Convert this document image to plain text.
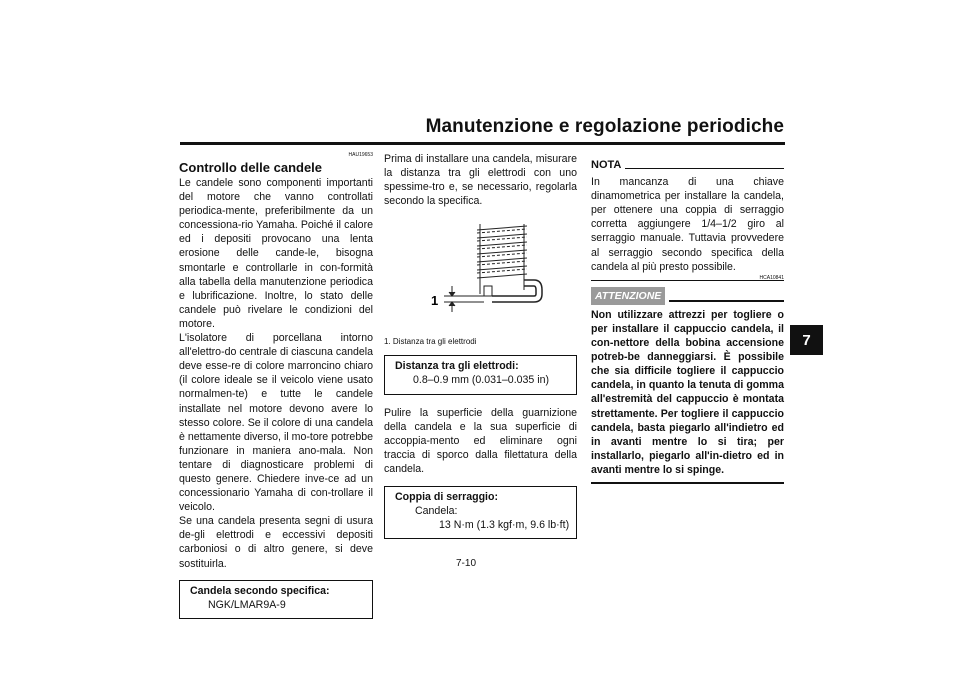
Manutenzione e regolazione periodiche
7
HAU19653
Controllo delle candele

Le candele sono componenti importanti del motore che vanno controllati periodica-mente, preferibilmente da un concessiona-rio Yamaha. Poiché il calore ed i depositi provocano una lenta erosione delle cande-le, bisogna smontarle e controllarle in con-formità alla tabella della manutenzione periodica e lubrificazione. Inoltre, lo stato delle candele può rivelare le condizioni del motore.

L'isolatore di porcellana intorno all'elettro-do centrale di ciascuna candela deve esse-re di colore marroncino chiaro (il colore ideale se il veicolo viene usato normalmen-te) e tutte le candele installate nel motore devono avere lo stesso colore. Se il colore di una candela è nettamente diverso, il mo-tore potrebbe funzionare in maniera ano-mala. Non tentare di diagnosticare problemi di questo genere. Chiedere inve-ce ad un concessionario Yamaha di con-trollare il veicolo.

Se una candela presenta segni di usura de-gli elettrodi e eccessivi depositi carboniosi o di altro genere, si deve sostituirla.

Candela secondo specifica:
NGK/LMAR9A-9

Prima di installare una candela, misurare la distanza tra gli elettrodi con uno spessime-tro e, se necessario, regolarla secondo la specifica.

1
1. Distanza tra gli elettrodi
Distanza tra gli elettrodi:
0.8–0.9 mm (0.031–0.035 in)

Pulire la superficie della guarnizione della candela e la sua superficie di accoppia-mento ed eliminare ogni traccia di sporco dalla filettatura della candela.

Coppia di serraggio:
Candela:
13 N·m (1.3 kgf·m, 9.6 lb·ft)
NOTA

In mancanza di una chiave dinamometrica per installare la candela, per ottenere una coppia di serraggio corretta aggiungere 1/4–1/2 giro al serraggio manuale. Tuttavia provvedere al serraggio secondo specifica della candela al più presto possibile.

ATTENZIONE
HCA10841

Non utilizzare attrezzi per togliere o per installare il cappuccio candela, il con-nettore della bobina accensione potreb-be danneggiarsi. È possibile che sia difficile togliere il cappuccio candela, in quanto la tenuta di gomma all'estremità del cappuccio è montata strettamente. Per togliere il cappuccio candela, basta piegarlo all'indietro ed in avanti mentre lo si tira; per installarlo, piegarlo all'in-dietro ed in avanti mentre lo si spinge.

7-10
